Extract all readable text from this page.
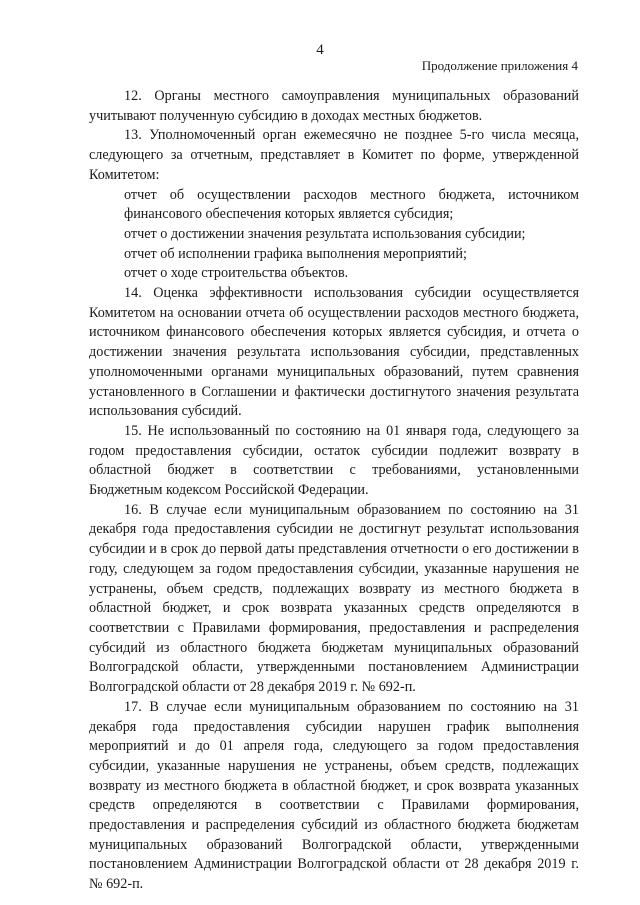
4
Продолжение приложения 4

12. Органы местного самоуправления муниципальных образований учитывают полученную субсидию в доходах местных бюджетов.

13. Уполномоченный орган ежемесячно не позднее 5-го числа месяца, следующего за отчетным, представляет в Комитет по форме, утвержденной Комитетом:

отчет об осуществлении расходов местного бюджета, источником финансового обеспечения которых является субсидия;

отчет о достижении значения результата использования субсидии;

отчет об исполнении графика выполнения мероприятий;

отчет о ходе строительства объектов.

14. Оценка эффективности использования субсидии осуществляется Комитетом на основании отчета об осуществлении расходов местного бюджета, источником финансового обеспечения которых является субсидия, и отчета о достижении значения результата использования субсидии, представленных уполномоченными органами муниципальных образований, путем сравнения установленного в Соглашении и фактически достигнутого значения результата использования субсидий.

15. Не использованный по состоянию на 01 января года, следующего за годом предоставления субсидии, остаток субсидии подлежит возврату в областной бюджет в соответствии с требованиями, установленными Бюджетным кодексом Российской Федерации.

16. В случае если муниципальным образованием по состоянию на 31 декабря года предоставления субсидии не достигнут результат использования субсидии и в срок до первой даты представления отчетности о его достижении в году, следующем за годом предоставления субсидии, указанные нарушения не устранены, объем средств, подлежащих возврату из местного бюджета в областной бюджет, и срок возврата указанных средств определяются в соответствии с Правилами формирования, предоставления и распределения субсидий из областного бюджета бюджетам муниципальных образований Волгоградской области, утвержденными постановлением Администрации Волгоградской области от 28 декабря 2019 г. № 692-п.

17. В случае если муниципальным образованием по состоянию на 31 декабря года предоставления субсидии нарушен график выполнения мероприятий и до 01 апреля года, следующего за годом предоставления субсидии, указанные нарушения не устранены, объем средств, подлежащих возврату из местного бюджета в областной бюджет, и срок возврата указанных средств определяются в соответствии с Правилами формирования, предоставления и распределения субсидий из областного бюджета бюджетам муниципальных образований Волгоградской области, утвержденными постановлением Администрации Волгоградской области от 28 декабря 2019 г. № 692-п.
